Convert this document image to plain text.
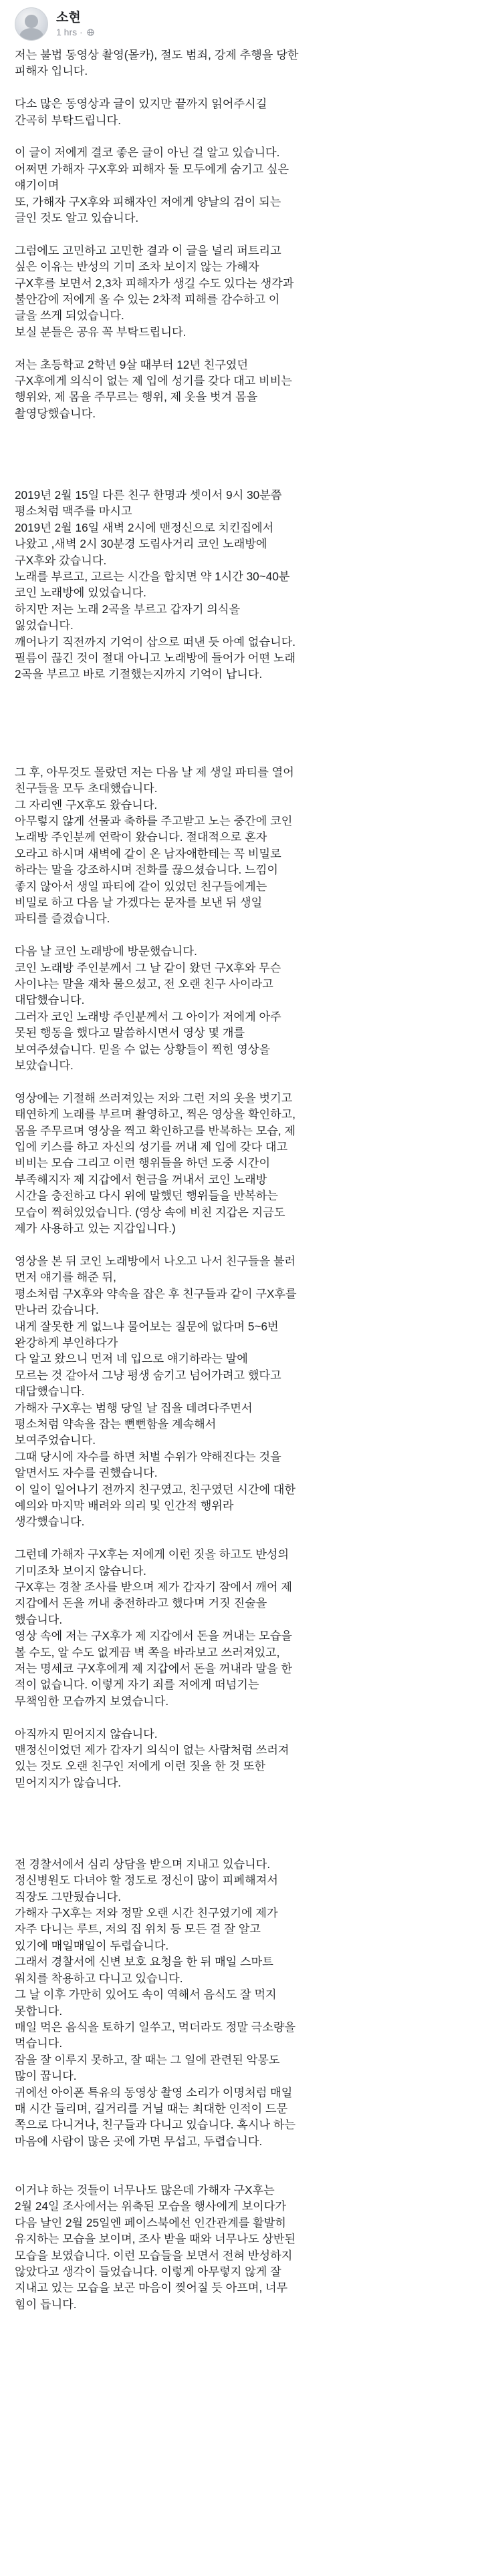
소현
1 hrs ·

저는 불법 동영상 촬영(몰카), 절도 범죄, 강제 추행을 당한
피해자 입니다.

다소 많은 동영상과 글이 있지만 끝까지 읽어주시길
간곡히 부탁드립니다.

이 글이 저에게 결코 좋은 글이 아닌 걸 알고 있습니다.
어쩌면 가해자 구X후와 피해자 둘 모두에게 숨기고 싶은
얘기이며
또, 가해자 구X후와 피해자인 저에게 양날의 검이 되는
글인 것도 알고 있습니다.

그럼에도 고민하고 고민한 결과 이 글을 널리 퍼트리고
싶은 이유는 반성의 기미 조차 보이지 않는 가해자
구X후를 보면서 2,3차 피해자가 생길 수도 있다는 생각과
불안감에 저에게 올 수 있는 2차적 피해를 감수하고 이
글을 쓰게 되었습니다.
보실 분들은 공유 꼭 부탁드립니다.

저는 초등학교 2학년 9살 때부터 12년 친구였던
구X후에게 의식이 없는 제 입에 성기를 갖다 대고 비비는
행위와, 제 몸을 주무르는 행위, 제 옷을 벗겨 몸을
촬영당했습니다.

2019년 2월 15일 다른 친구 한명과 셋이서 9시 30분쯤
평소처럼 맥주를 마시고
2019년 2월 16일 새벽 2시에 맨정신으로 치킨집에서
나왔고 ,새벽 2시 30분경 도림사거리 코인 노래방에
구X후와 갔습니다.
노래를 부르고, 고르는 시간을 합치면 약 1시간 30~40분
코인 노래방에 있었습니다.
하지만 저는 노래 2곡을 부르고 갑자기 의식을
잃었습니다.
깨어나기 직전까지 기억이 삽으로 떠낸 듯 아예 없습니다.
필름이 끊긴 것이 절대 아니고 노래방에 들어가 어떤 노래
2곡을 부르고 바로 기절했는지까지 기억이 납니다.

그 후, 아무것도 몰랐던 저는 다음 날 제 생일 파티를 열어
친구들을 모두 초대했습니다.
그 자리엔 구X후도 왔습니다.
아무렇지 않게 선물과 축하를 주고받고 노는 중간에 코인
노래방 주인분께 연락이 왔습니다. 절대적으로 혼자
오라고 하시며 새벽에 같이 온 남자애한테는 꼭 비밀로
하라는 말을 강조하시며 전화를 끊으셨습니다. 느낌이
좋지 않아서 생일 파티에 같이 있었던 친구들에게는
비밀로 하고 다음 날 가겠다는 문자를 보낸 뒤 생일
파티를 즐겼습니다.

다음 날 코인 노래방에 방문했습니다.
코인 노래방 주인분께서 그 날 같이 왔던 구X후와 무슨
사이냐는 말을 재차 물으셨고, 전 오랜 친구 사이라고
대답했습니다.
그러자 코인 노래방 주인분께서 그 아이가 저에게 아주
못된 행동을 했다고 말씀하시면서 영상 몇 개를
보여주셨습니다. 믿을 수 없는 상황들이 찍힌 영상을
보았습니다.

영상에는 기절해 쓰러져있는 저와 그런 저의 옷을 벗기고
태연하게 노래를 부르며 촬영하고, 찍은 영상을 확인하고,
몸을 주무르며 영상을 찍고 확인하고를 반복하는 모습, 제
입에 키스를 하고 자신의 성기를 꺼내 제 입에 갖다 대고
비비는 모습 그리고 이런 행위들을 하던 도중 시간이
부족해지자 제 지갑에서 현금을 꺼내서 코인 노래방
시간을 충전하고 다시 위에 말했던 행위들을 반복하는
모습이 찍혀있었습니다. (영상 속에 비친 지갑은 지금도
제가 사용하고 있는 지갑입니다.)

영상을 본 뒤 코인 노래방에서 나오고 나서 친구들을 불러
먼저 얘기를 해준 뒤,
평소처럼 구X후와 약속을 잡은 후 친구들과 같이 구X후를
만나러 갔습니다.
내게 잘못한 게 없느냐 물어보는 질문에 없다며 5~6번
완강하게 부인하다가
다 알고 왔으니 먼저 네 입으로 얘기하라는 말에
모르는 것 같아서 그냥 평생 숨기고 넘어가려고 했다고
대답했습니다.
가해자 구X후는 범행 당일 날 집을 데려다주면서
평소처럼 약속을 잡는 뻔뻔함을 계속해서
보여주었습니다.
그때 당시에 자수를 하면 처벌 수위가 약해진다는 것을
알면서도 자수를 권했습니다.
이 일이 일어나기 전까지 친구였고, 친구였던 시간에 대한
예의와 마지막 배려와 의리 및 인간적 행위라
생각했습니다.

그런데 가해자 구X후는 저에게 이런 짓을 하고도 반성의
기미조차 보이지 않습니다.
구X후는 경찰 조사를 받으며 제가 갑자기 잠에서 깨어 제
지갑에서 돈을 꺼내 충전하라고 했다며 거짓 진술을
했습니다.
영상 속에 저는 구X후가 제 지갑에서 돈을 꺼내는 모습을
볼 수도, 알 수도 없게끔 벽 쪽을 바라보고 쓰러져있고,
저는 명세코 구X후에게 제 지갑에서 돈을 꺼내라 말을 한
적이 없습니다. 이렇게 자기 죄를 저에게 떠넘기는
무책임한 모습까지 보였습니다.

아직까지 믿어지지 않습니다.
맨정신이었던 제가 갑자기 의식이 없는 사람처럼 쓰러져
있는 것도 오랜 친구인 저에게 이런 짓을 한 것 또한
믿어지지가 않습니다.

전 경찰서에서 심리 상담을 받으며 지내고 있습니다.
정신병원도 다녀야 할 정도로 정신이 많이 피폐해져서
직장도 그만뒀습니다.
가해자 구X후는 저와 정말 오랜 시간 친구였기에 제가
자주 다니는 루트, 저의 집 위치 등 모든 걸 잘 알고
있기에 매일매일이 두렵습니다.
그래서 경찰서에 신변 보호 요청을 한 뒤 매일 스마트
워치를 착용하고 다니고 있습니다.
그 날 이후 가만히 있어도 속이 역해서 음식도 잘 먹지
못합니다.
매일 먹은 음식을 토하기 일쑤고, 먹더라도 정말 극소량을
먹습니다.
잠을 잘 이루지 못하고, 잘 때는 그 일에 관련된 악몽도
많이 꿉니다.
귀에선 아이폰 특유의 동영상 촬영 소리가 이명처럼 매일
매 시간 들리며, 길거리를 거닐 때는 최대한 인적이 드문
쪽으로 다니거나, 친구들과 다니고 있습니다. 혹시나 하는
마음에 사람이 많은 곳에 가면 무섭고, 두렵습니다.

이거냐 하는 것들이 너무나도 많은데 가해자 구X후는
2월 24일 조사에서는 위축된 모습을 행사에게 보이다가
다음 날인 2월 25일엔 페이스북에선 인간관계를 활발히
유지하는 모습을 보이며, 조사 받을 때와 너무나도 상반된
모습을 보였습니다. 이런 모습들을 보면서 전혀 반성하지
않았다고 생각이 들었습니다. 이렇게 아무렇지 않게 잘
지내고 있는 모습을 보곤 마음이 찢어질 듯 아프며, 너무
힘이 듭니다.
